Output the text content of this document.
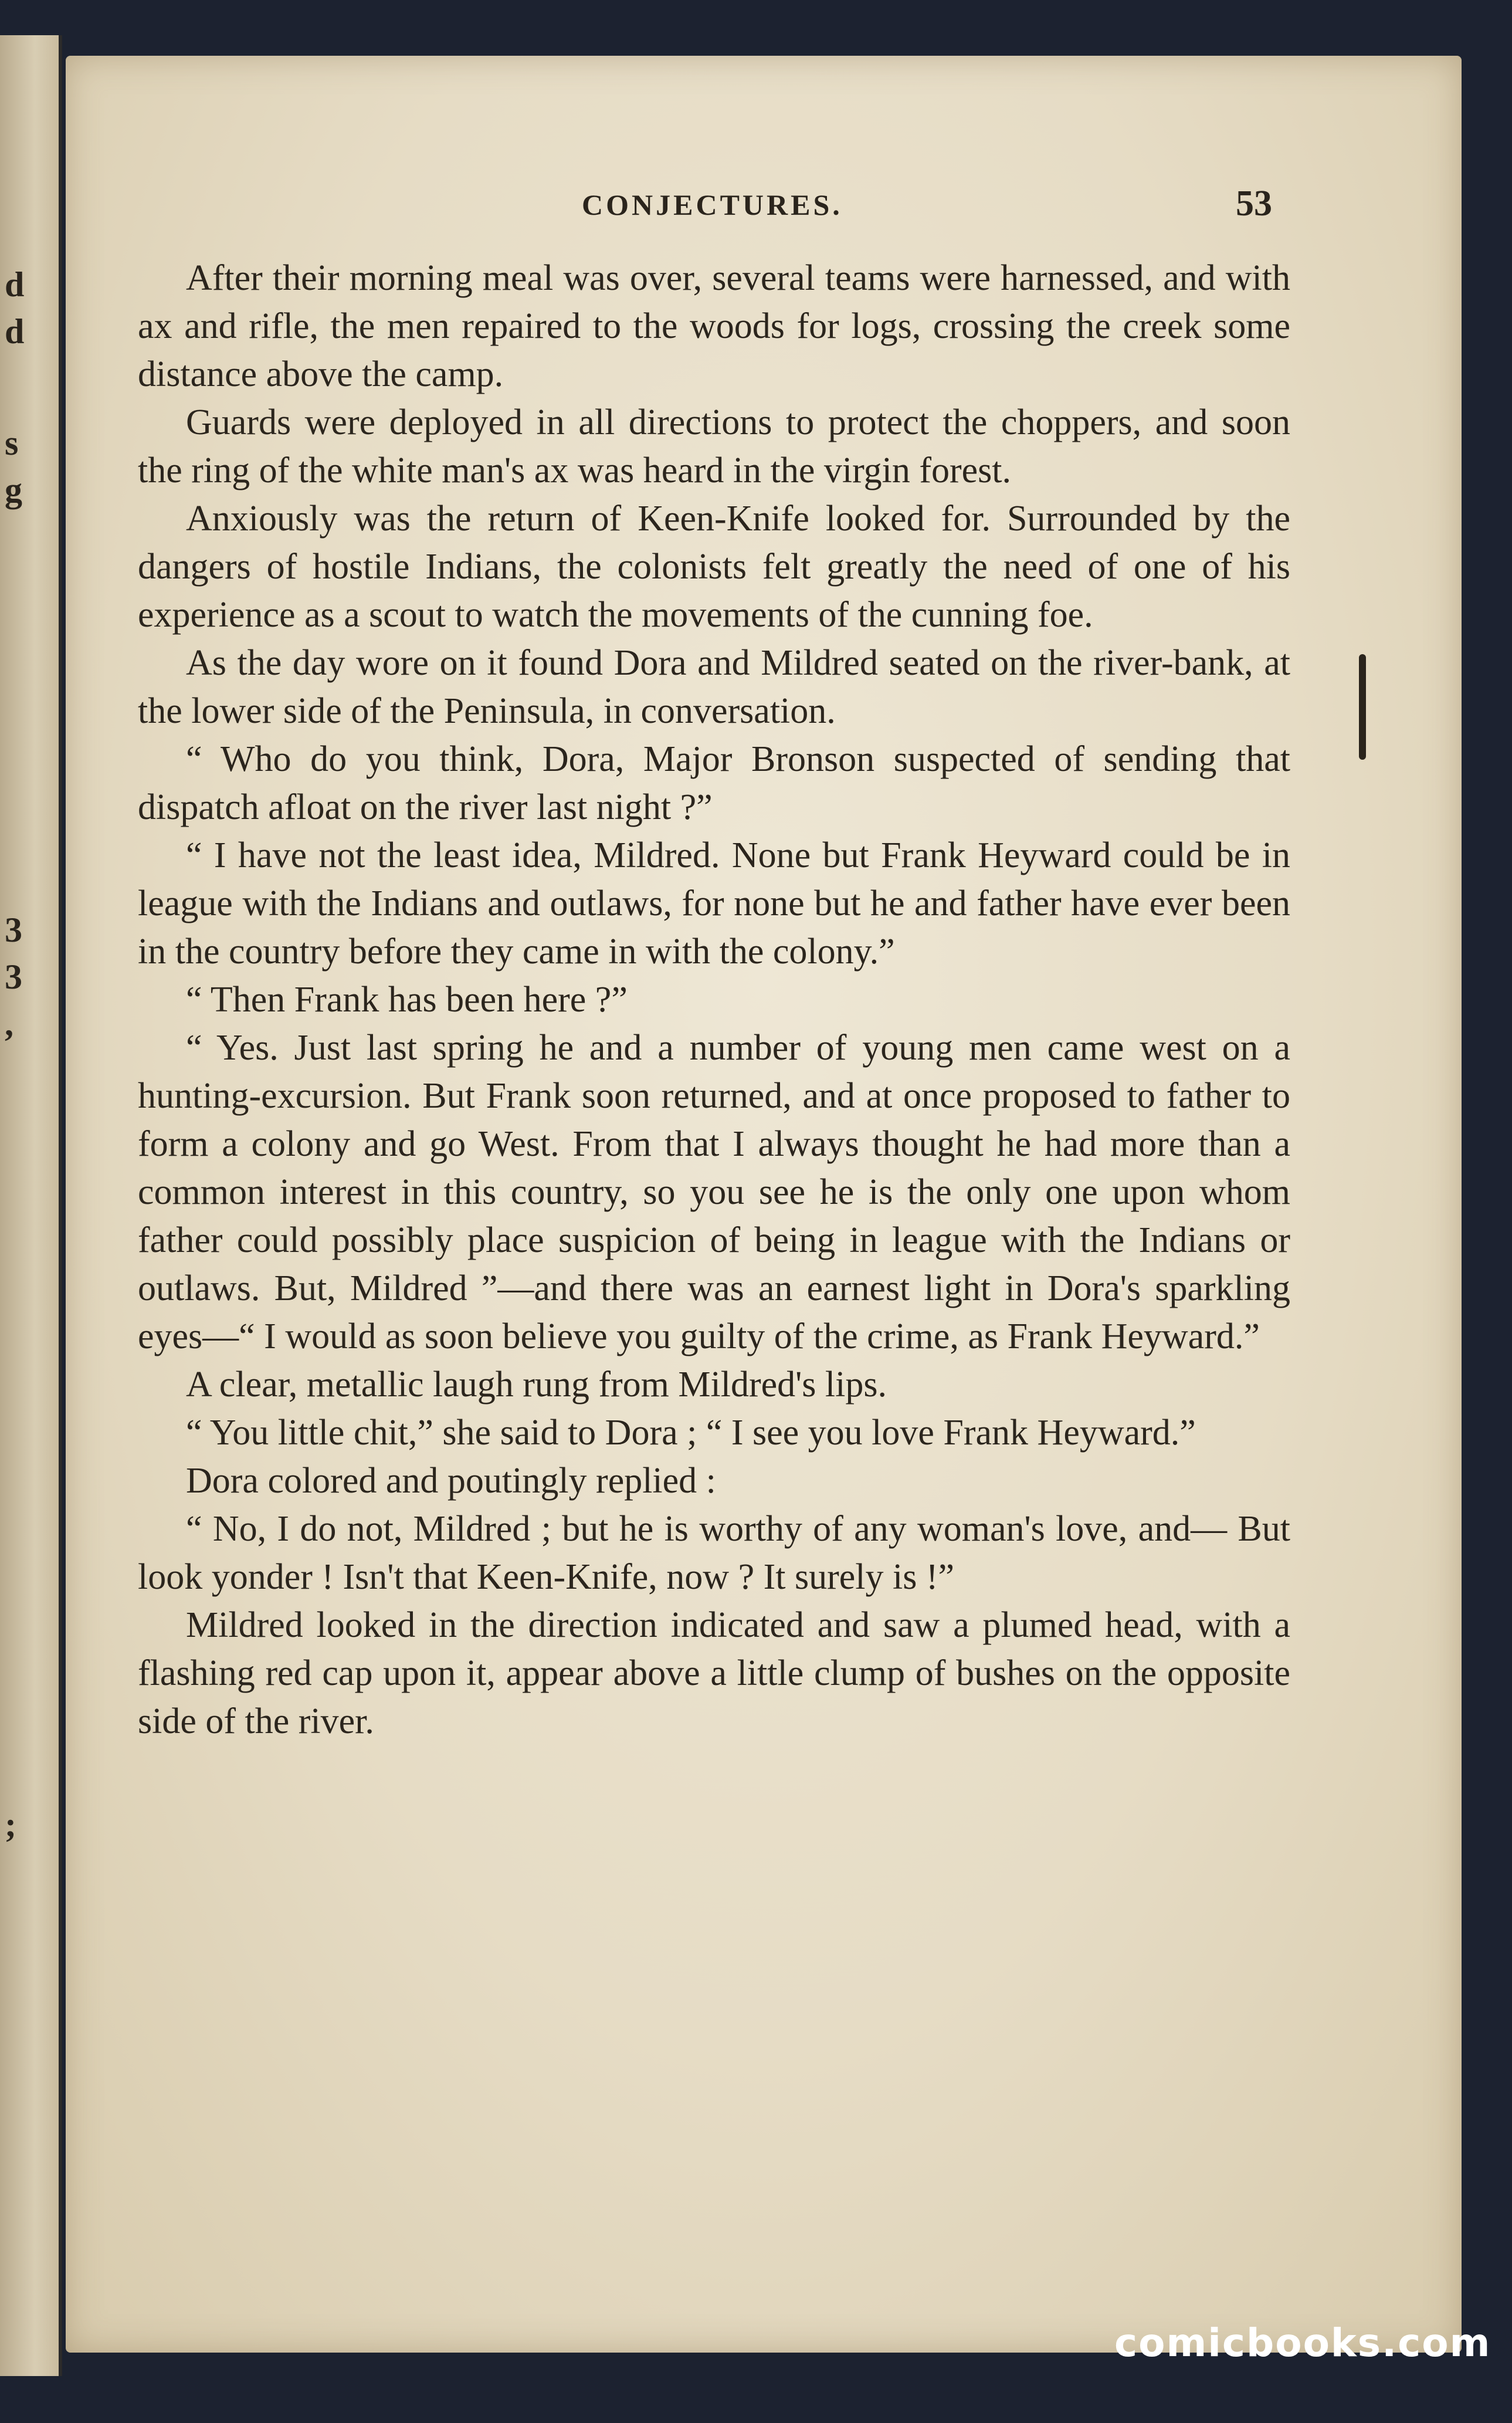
d
d
s
g
3
3
,
;
CONJECTURES.	53

After their morning meal was over, several teams were harnessed, and with ax and rifle, the men repaired to the woods for logs, crossing the creek some distance above the camp.

Guards were deployed in all directions to protect the choppers, and soon the ring of the white man's ax was heard in the virgin forest.

Anxiously was the return of Keen-Knife looked for. Surrounded by the dangers of hostile Indians, the colonists felt greatly the need of one of his experience as a scout to watch the movements of the cunning foe.

As the day wore on it found Dora and Mildred seated on the river-bank, at the lower side of the Peninsula, in conversation.

“ Who do you think, Dora, Major Bronson suspected of sending that dispatch afloat on the river last night ?”

“ I have not the least idea, Mildred. None but Frank Heyward could be in league with the Indians and outlaws, for none but he and father have ever been in the country before they came in with the colony.”

“ Then Frank has been here ?”

“ Yes. Just last spring he and a number of young men came west on a hunting-excursion. But Frank soon returned, and at once proposed to father to form a colony and go West. From that I always thought he had more than a common interest in this country, so you see he is the only one upon whom father could possibly place suspicion of being in league with the Indians or outlaws. But, Mildred ”—and there was an earnest light in Dora's sparkling eyes—“ I would as soon believe you guilty of the crime, as Frank Heyward.”

A clear, metallic laugh rung from Mildred's lips.

“ You little chit,” she said to Dora ; “ I see you love Frank Heyward.”

Dora colored and poutingly replied :

“ No, I do not, Mildred ; but he is worthy of any woman's love, and— But look yonder ! Isn't that Keen-Knife, now ? It surely is !”

Mildred looked in the direction indicated and saw a plumed head, with a flashing red cap upon it, appear above a little clump of bushes on the opposite side of the river.

comicbooks.com
